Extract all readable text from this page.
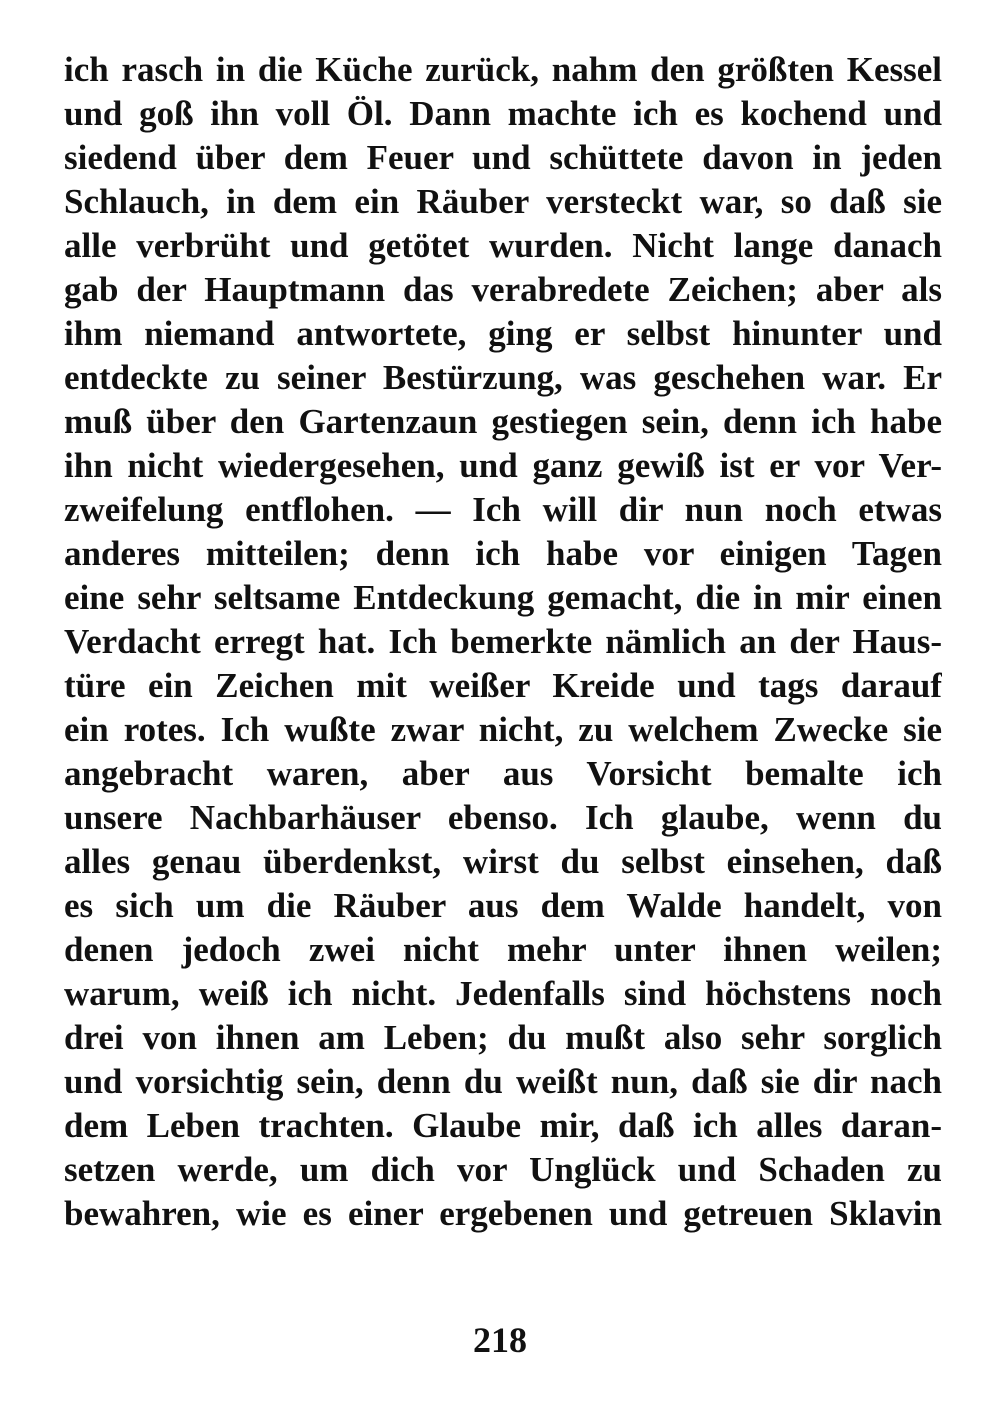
ich rasch in die Küche zurück, nahm den größten Kessel
und goß ihn voll Öl. Dann machte ich es kochend und
siedend über dem Feuer und schüttete davon in jeden
Schlauch, in dem ein Räuber versteckt war, so daß sie
alle verbrüht und getötet wurden. Nicht lange danach
gab der Hauptmann das verabredete Zeichen; aber als
ihm niemand antwortete, ging er selbst hinunter und
entdeckte zu seiner Bestürzung, was geschehen war. Er
muß über den Gartenzaun gestiegen sein, denn ich habe
ihn nicht wiedergesehen, und ganz gewiß ist er vor Ver-
zweifelung entflohen. — Ich will dir nun noch etwas
anderes mitteilen; denn ich habe vor einigen Tagen
eine sehr seltsame Entdeckung gemacht, die in mir einen
Verdacht erregt hat. Ich bemerkte nämlich an der Haus-
türe ein Zeichen mit weißer Kreide und tags darauf
ein rotes. Ich wußte zwar nicht, zu welchem Zwecke sie
angebracht waren, aber aus Vorsicht bemalte ich
unsere Nachbarhäuser ebenso. Ich glaube, wenn du
alles genau überdenkst, wirst du selbst einsehen, daß
es sich um die Räuber aus dem Walde handelt, von
denen jedoch zwei nicht mehr unter ihnen weilen;
warum, weiß ich nicht. Jedenfalls sind höchstens noch
drei von ihnen am Leben; du mußt also sehr sorglich
und vorsichtig sein, denn du weißt nun, daß sie dir nach
dem Leben trachten. Glaube mir, daß ich alles daran-
setzen werde, um dich vor Unglück und Schaden zu
bewahren, wie es einer ergebenen und getreuen Sklavin
218
